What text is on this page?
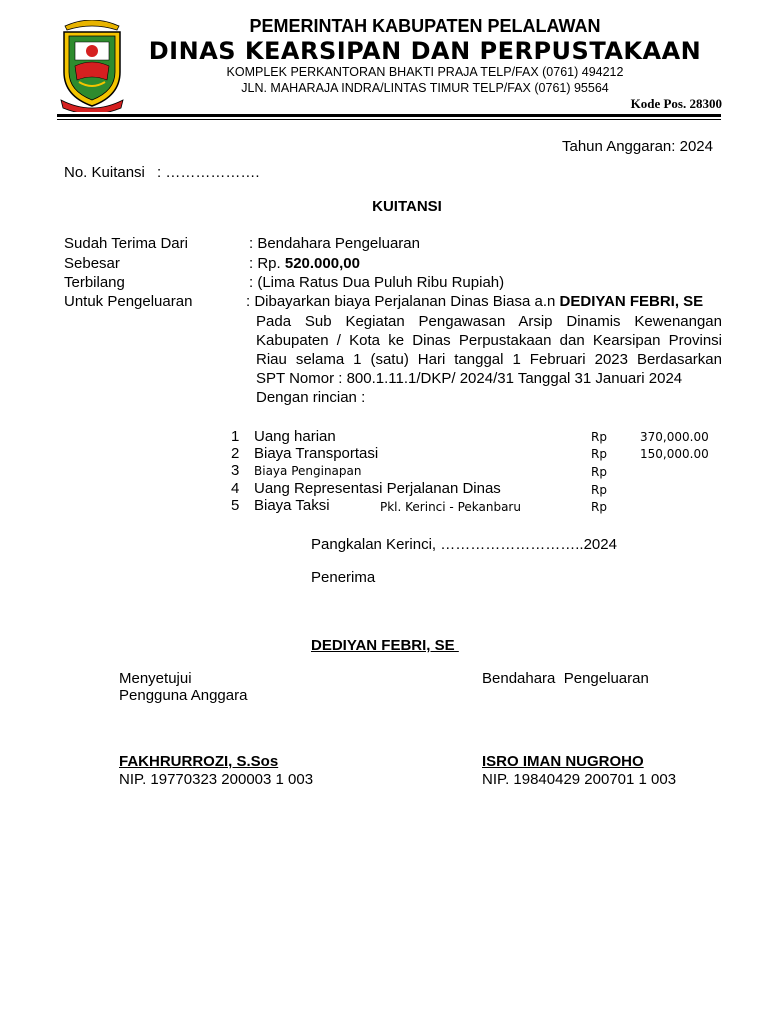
PEMERINTAH KABUPATEN PELALAWAN
DINAS KEARSIPAN DAN PERPUSTAKAAN
KOMPLEK PERKANTORAN BHAKTI PRAJA TELP/FAX (0761) 494212
JLN. MAHARAJA INDRA/LINTAS TIMUR TELP/FAX (0761) 95564
Kode Pos. 28300
Tahun Anggaran: 2024
No. Kuitansi : ……………….
KUITANSI
Sudah Terima Dari	: Bendahara Pengeluaran
Sebesar	: Rp. 520.000,00
Terbilang	: (Lima Ratus Dua Puluh Ribu Rupiah)
Untuk Pengeluaran	: Dibayarkan biaya Perjalanan Dinas Biasa a.n DEDIYAN FEBRI, SE
Pada Sub Kegiatan Pengawasan Arsip Dinamis Kewenangan
Kabupaten / Kota ke Dinas Perpustakaan dan Kearsipan Provinsi
Riau selama 1 (satu) Hari tanggal 1 Februari 2023 Berdasarkan
SPT Nomor : 800.1.11.1/DKP/ 2024/31 Tanggal 31 Januari 2024
Dengan rincian :
1 Uang harian	Rp	370,000.00
2 Biaya Transportasi	Rp	150,000.00
3 Biaya Penginapan	Rp
4 Uang Representasi Perjalanan Dinas	Rp
5 Biaya Taksi	Pkl. Kerinci - Pekanbaru	Rp
Pangkalan Kerinci, ………………………..2024
Penerima
DEDIYAN FEBRI, SE
Menyetujui
Pengguna Anggara
FAKHRURROZI, S.Sos
NIP. 19770323 200003 1 003
Bendahara  Pengeluaran
ISRO IMAN NUGROHO
NIP. 19840429 200701 1 003
